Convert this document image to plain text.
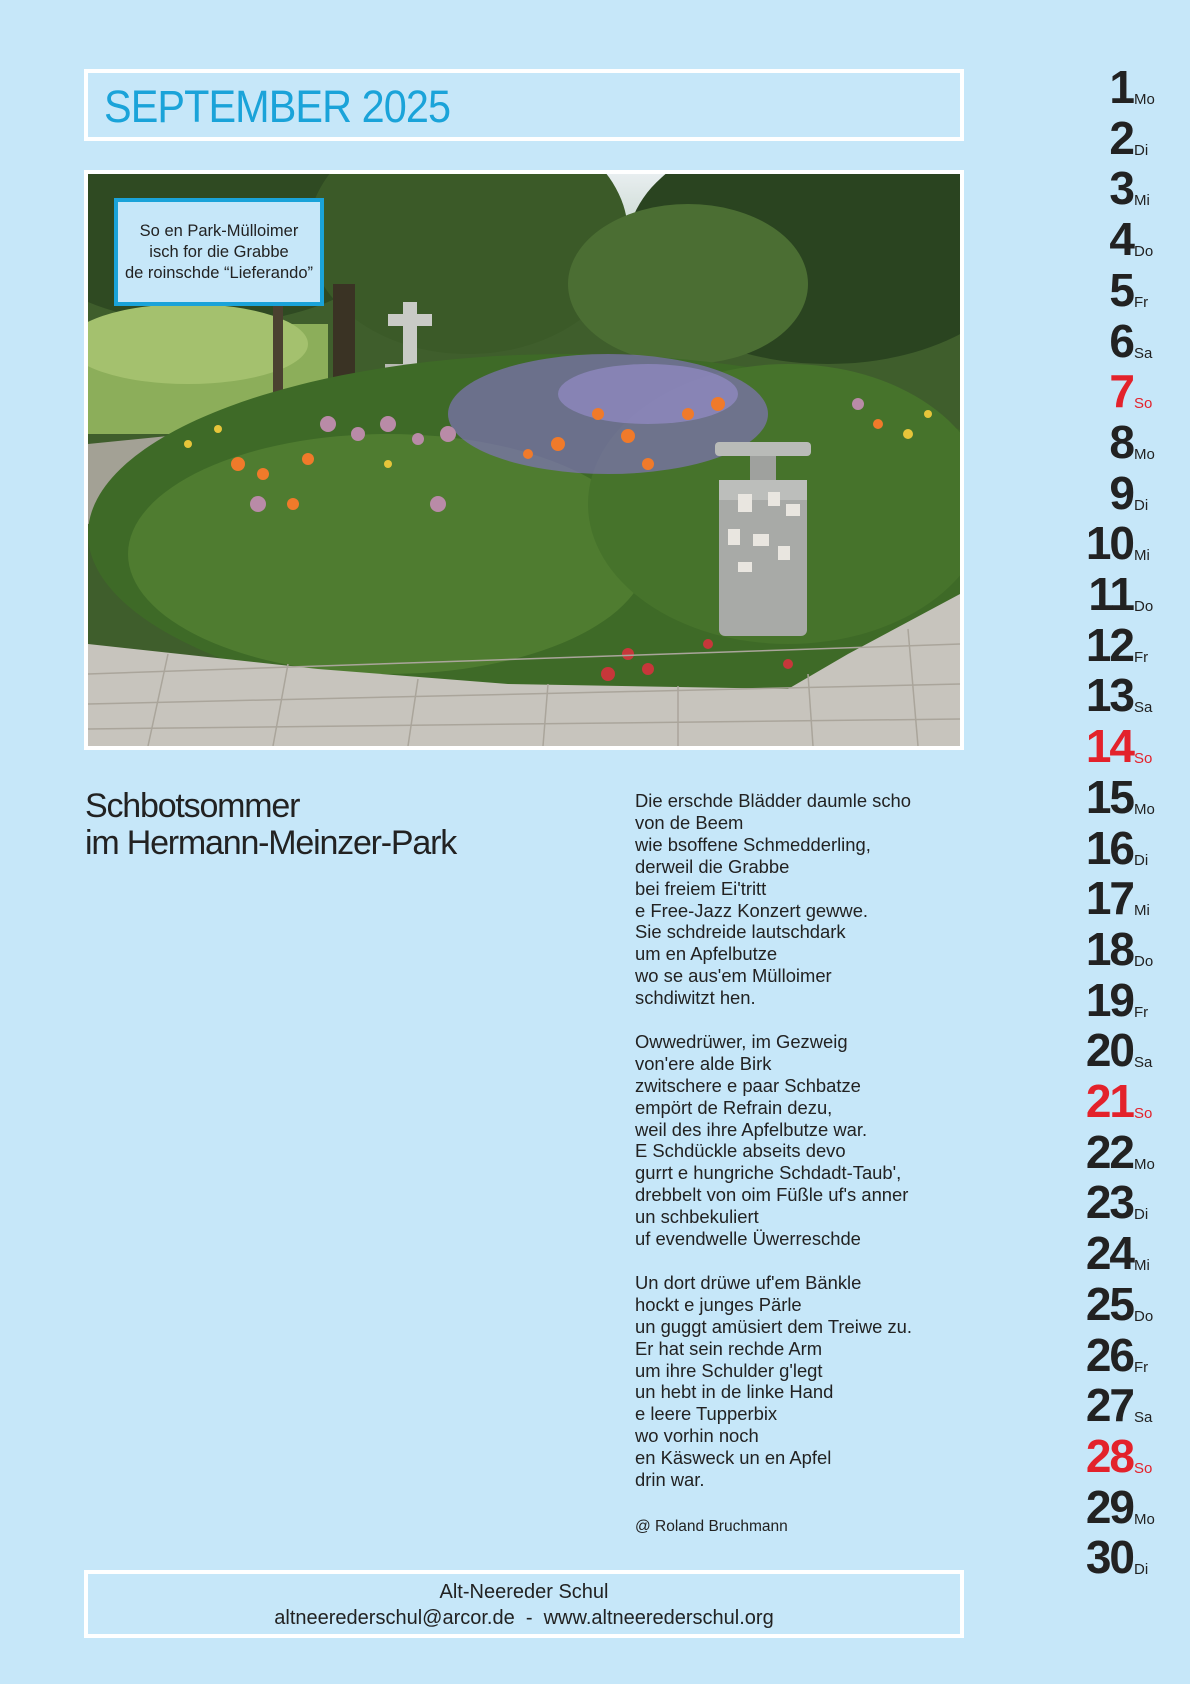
SEPTEMBER 2025
So en Park-Mülloimer
isch for die Grabbe
de roinschde “Lieferando”
Schbotsommer
im Hermann-Meinzer-Park
Die erschde Blädder daumle scho
von de Beem
wie bsoffene Schmedderling,
derweil die Grabbe
bei freiem Ei'tritt
e Free-Jazz Konzert gewwe.
Sie schdreide lautschdark
um en Apfelbutze
wo se aus'em Mülloimer
schdiwitzt hen.
Owwedrüwer, im Gezweig
von'ere alde Birk
zwitschere e paar Schbatze
empört de Refrain dezu,
weil des ihre Apfelbutze war.
E Schdückle abseits devo
gurrt e hungriche Schdadt-Taub',
drebbelt von oim Füßle uf's anner
un schbekuliert
uf evendwelle Üwerreschde
Un dort drüwe uf'em Bänkle
hockt e junges Pärle
un guggt amüsiert dem Treiwe zu.
Er hat sein rechde Arm
um ihre Schulder g'legt
un hebt in de linke Hand
e leere Tupperbix
wo vorhin noch
en Käsweck un en Apfel
drin war.
@ Roland Bruchmann
Alt-Neereder Schul
altneerederschul@arcor.de  -  www.altneerederschul.org
1 Mo
2 Di
3 Mi
4 Do
5 Fr
6 Sa
7 So
8 Mo
9 Di
10 Mi
11 Do
12 Fr
13 Sa
14 So
15 Mo
16 Di
17 Mi
18 Do
19 Fr
20 Sa
21 So
22 Mo
23 Di
24 Mi
25 Do
26 Fr
27 Sa
28 So
29 Mo
30 Di
